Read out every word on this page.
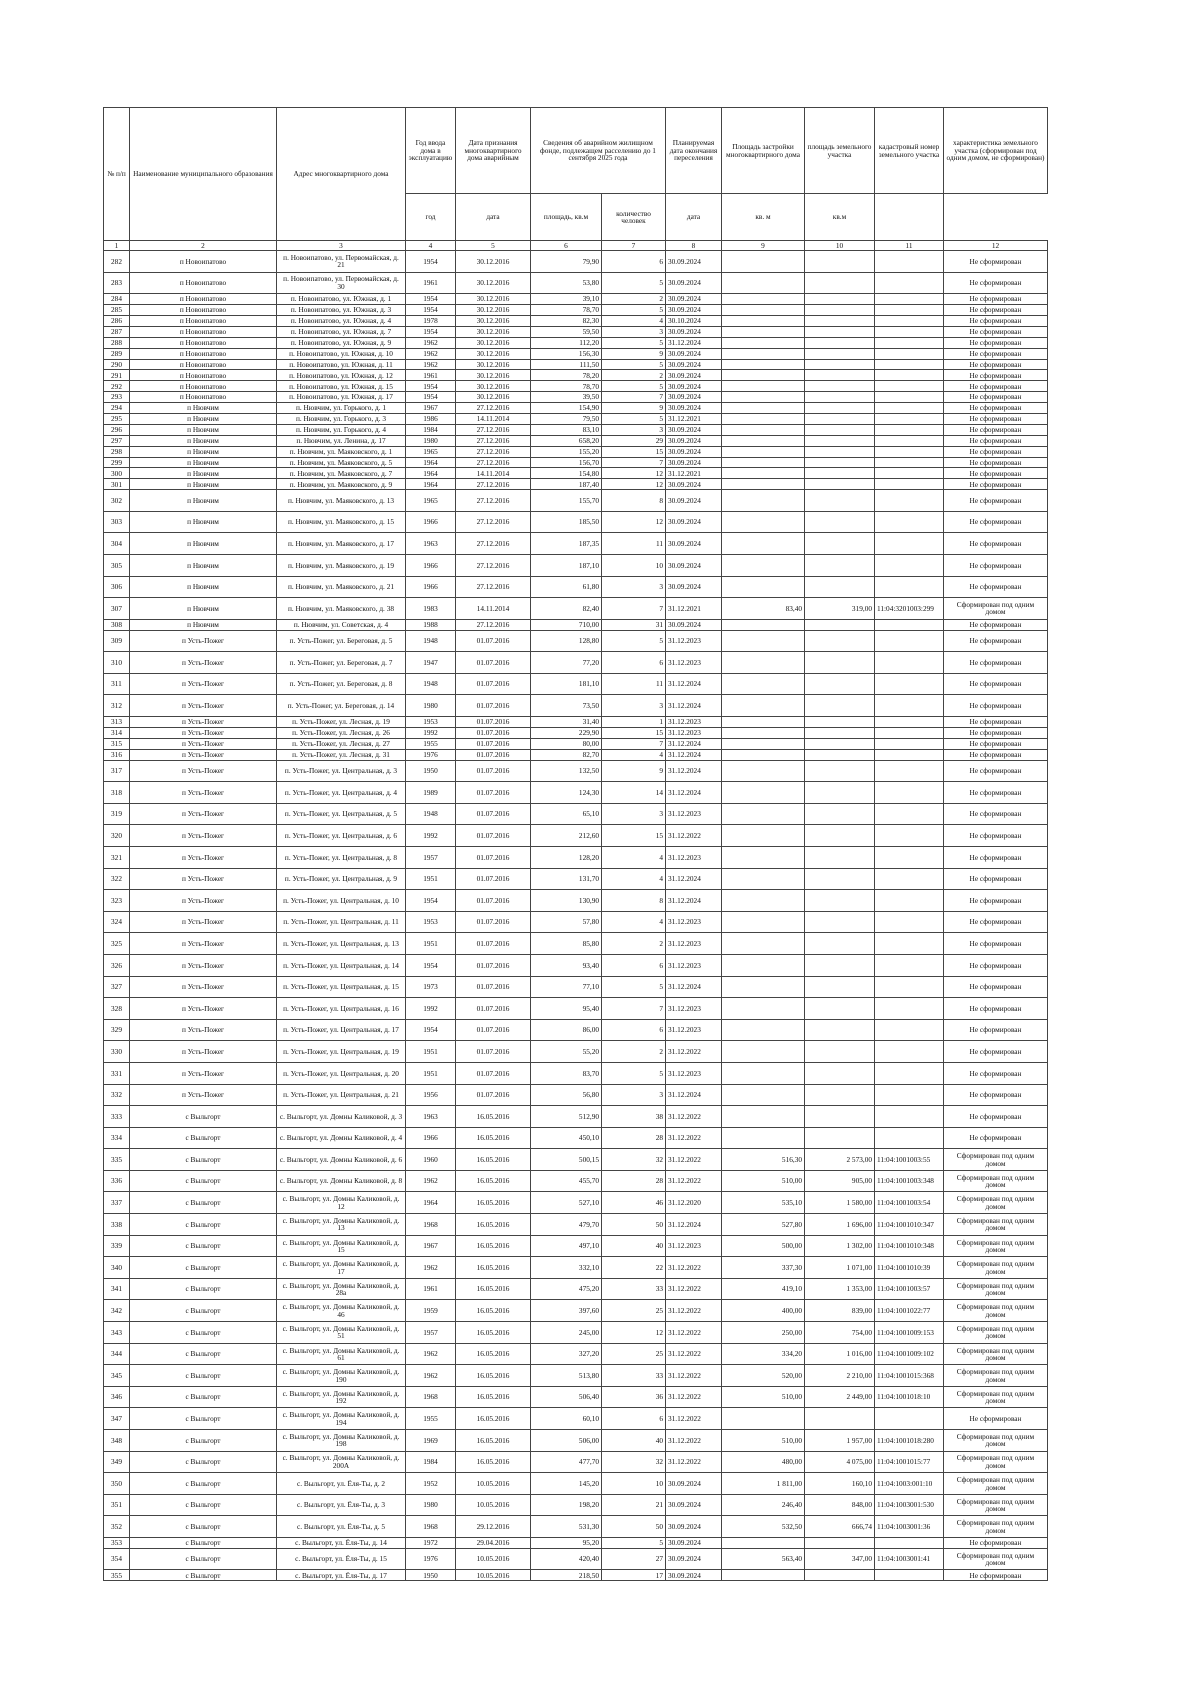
№ п/п	Наименование муниципального образования	Адрес многоквартирного дома	Год ввода дома в эксплуатацию	Дата признания многоквартирного дома аварийным	Сведения об аварийном жилищном фонде, подлежащем расселению до 1 сентября 2025 года		Планируемая дата окончания переселения	Площадь застройки многоквартирного дома	площадь земельного участка	кадастровый номер земельного участка	характеристика земельного участка (сформирован под одним домом, не сформирован)
			год	дата	площадь, кв.м	количество человек	дата	кв. м	кв.м		
1	2	3	4	5	6	7	8	9	10	11	12
282	п Новоипатово	п. Новоипатово, ул. Первомайская, д. 21	1954	30.12.2016	79,90	6	30.09.2024				Не сформирован
283	п Новоипатово	п. Новоипатово, ул. Первомайская, д. 30	1961	30.12.2016	53,80	5	30.09.2024				Не сформирован
284	п Новоипатово	п. Новоипатово, ул. Южная, д. 1	1954	30.12.2016	39,10	2	30.09.2024				Не сформирован
285	п Новоипатово	п. Новоипатово, ул. Южная, д. 3	1954	30.12.2016	78,70	5	30.09.2024				Не сформирован
286	п Новоипатово	п. Новоипатово, ул. Южная, д. 4	1978	30.12.2016	82,30	4	30.10.2024				Не сформирован
287	п Новоипатово	п. Новоипатово, ул. Южная, д. 7	1954	30.12.2016	59,50	3	30.09.2024				Не сформирован
288	п Новоипатово	п. Новоипатово, ул. Южная, д. 9	1962	30.12.2016	112,20	5	31.12.2024				Не сформирован
289	п Новоипатово	п. Новоипатово, ул. Южная, д. 10	1962	30.12.2016	156,30	9	30.09.2024				Не сформирован
290	п Новоипатово	п. Новоипатово, ул. Южная, д. 11	1962	30.12.2016	111,50	5	30.09.2024				Не сформирован
291	п Новоипатово	п. Новоипатово, ул. Южная, д. 12	1961	30.12.2016	78,20	2	30.09.2024				Не сформирован
292	п Новоипатово	п. Новоипатово, ул. Южная, д. 15	1954	30.12.2016	78,70	5	30.09.2024				Не сформирован
293	п Новоипатово	п. Новоипатово, ул. Южная, д. 17	1954	30.12.2016	39,50	7	30.09.2024				Не сформирован
294	п Нювчим	п. Нювчим, ул. Горького, д. 1	1967	27.12.2016	154,90	9	30.09.2024				Не сформирован
295	п Нювчим	п. Нювчим, ул. Горького, д. 3	1986	14.11.2014	79,50	5	31.12.2021				Не сформирован
296	п Нювчим	п. Нювчим, ул. Горького, д. 4	1984	27.12.2016	83,10	3	30.09.2024				Не сформирован
297	п Нювчим	п. Нювчим, ул. Ленина, д. 17	1980	27.12.2016	658,20	29	30.09.2024				Не сформирован
298	п Нювчим	п. Нювчим, ул. Маяковского, д. 1	1965	27.12.2016	155,20	15	30.09.2024				Не сформирован
299	п Нювчим	п. Нювчим, ул. Маяковского, д. 5	1964	27.12.2016	156,70	7	30.09.2024				Не сформирован
300	п Нювчим	п. Нювчим, ул. Маяковского, д. 7	1964	14.11.2014	154,80	12	31.12.2021				Не сформирован
301	п Нювчим	п. Нювчим, ул. Маяковского, д. 9	1964	27.12.2016	187,40	12	30.09.2024				Не сформирован
302	п Нювчим	п. Нювчим, ул. Маяковского, д. 13	1965	27.12.2016	155,70	8	30.09.2024				Не сформирован
303	п Нювчим	п. Нювчим, ул. Маяковского, д. 15	1966	27.12.2016	185,50	12	30.09.2024				Не сформирован
304	п Нювчим	п. Нювчим, ул. Маяковского, д. 17	1963	27.12.2016	187,35	11	30.09.2024				Не сформирован
305	п Нювчим	п. Нювчим, ул. Маяковского, д. 19	1966	27.12.2016	187,10	10	30.09.2024				Не сформирован
306	п Нювчим	п. Нювчим, ул. Маяковского, д. 21	1966	27.12.2016	61,80	3	30.09.2024				Не сформирован
307	п Нювчим	п. Нювчим, ул. Маяковского, д. 38	1983	14.11.2014	82,40	7	31.12.2021	83,40	319,00	11:04:3201003:299	Сформирован под одним домом
308	п Нювчим	п. Нювчим, ул. Советская, д. 4	1988	27.12.2016	710,00	31	30.09.2024				Не сформирован
309	п Усть-Пожег	п. Усть-Пожег, ул. Береговая, д. 5	1948	01.07.2016	128,80	5	31.12.2023				Не сформирован
310	п Усть-Пожег	п. Усть-Пожег, ул. Береговая, д. 7	1947	01.07.2016	77,20	6	31.12.2023				Не сформирован
311	п Усть-Пожег	п. Усть-Пожег, ул. Береговая, д. 8	1948	01.07.2016	181,10	11	31.12.2024				Не сформирован
312	п Усть-Пожег	п. Усть-Пожег, ул. Береговая, д. 14	1980	01.07.2016	73,50	3	31.12.2024				Не сформирован
313	п Усть-Пожег	п. Усть-Пожег, ул. Лесная, д. 19	1953	01.07.2016	31,40	1	31.12.2023				Не сформирован
314	п Усть-Пожег	п. Усть-Пожег, ул. Лесная, д. 26	1992	01.07.2016	229,90	15	31.12.2023				Не сформирован
315	п Усть-Пожег	п. Усть-Пожег, ул. Лесная, д. 27	1955	01.07.2016	80,00	7	31.12.2024				Не сформирован
316	п Усть-Пожег	п. Усть-Пожег, ул. Лесная, д. 31	1976	01.07.2016	82,70	4	31.12.2024				Не сформирован
317	п Усть-Пожег	п. Усть-Пожег, ул. Центральная, д. 3	1950	01.07.2016	132,50	9	31.12.2024				Не сформирован
318	п Усть-Пожег	п. Усть-Пожег, ул. Центральная, д. 4	1989	01.07.2016	124,30	14	31.12.2024				Не сформирован
319	п Усть-Пожег	п. Усть-Пожег, ул. Центральная, д. 5	1948	01.07.2016	65,10	3	31.12.2023				Не сформирован
320	п Усть-Пожег	п. Усть-Пожег, ул. Центральная, д. 6	1992	01.07.2016	212,60	15	31.12.2022				Не сформирован
321	п Усть-Пожег	п. Усть-Пожег, ул. Центральная, д. 8	1957	01.07.2016	128,20	4	31.12.2023				Не сформирован
322	п Усть-Пожег	п. Усть-Пожег, ул. Центральная, д. 9	1951	01.07.2016	131,70	4	31.12.2024				Не сформирован
323	п Усть-Пожег	п. Усть-Пожег, ул. Центральная, д. 10	1954	01.07.2016	130,90	8	31.12.2024				Не сформирован
324	п Усть-Пожег	п. Усть-Пожег, ул. Центральная, д. 11	1953	01.07.2016	57,80	4	31.12.2023				Не сформирован
325	п Усть-Пожег	п. Усть-Пожег, ул. Центральная, д. 13	1951	01.07.2016	85,80	2	31.12.2023				Не сформирован
326	п Усть-Пожег	п. Усть-Пожег, ул. Центральная, д. 14	1954	01.07.2016	93,40	6	31.12.2023				Не сформирован
327	п Усть-Пожег	п. Усть-Пожег, ул. Центральная, д. 15	1973	01.07.2016	77,10	5	31.12.2024				Не сформирован
328	п Усть-Пожег	п. Усть-Пожег, ул. Центральная, д. 16	1992	01.07.2016	95,40	7	31.12.2023				Не сформирован
329	п Усть-Пожег	п. Усть-Пожег, ул. Центральная, д. 17	1954	01.07.2016	86,00	6	31.12.2023				Не сформирован
330	п Усть-Пожег	п. Усть-Пожег, ул. Центральная, д. 19	1951	01.07.2016	55,20	2	31.12.2022				Не сформирован
331	п Усть-Пожег	п. Усть-Пожег, ул. Центральная, д. 20	1951	01.07.2016	83,70	5	31.12.2023				Не сформирован
332	п Усть-Пожег	п. Усть-Пожег, ул. Центральная, д. 21	1956	01.07.2016	56,80	3	31.12.2024				Не сформирован
333	с Выльгорт	с. Выльгорт, ул. Домны Каликовой, д. 3	1963	16.05.2016	512,90	38	31.12.2022				Не сформирован
334	с Выльгорт	с. Выльгорт, ул. Домны Каликовой, д. 4	1966	16.05.2016	450,10	28	31.12.2022				Не сформирован
335	с Выльгорт	с. Выльгорт, ул. Домны Каликовой, д. 6	1960	16.05.2016	500,15	32	31.12.2022	516,30	2 573,00	11:04:1001003:55	Сформирован под одним домом
336	с Выльгорт	с. Выльгорт, ул. Домны Каликовой, д. 8	1962	16.05.2016	455,70	28	31.12.2022	510,00	905,00	11:04:1001003:348	Сформирован под одним домом
337	с Выльгорт	с. Выльгорт, ул. Домны Каликовой, д. 12	1964	16.05.2016	527,10	46	31.12.2020	535,10	1 580,00	11:04:1001003:54	Сформирован под одним домом
338	с Выльгорт	с. Выльгорт, ул. Домны Каликовой, д. 13	1968	16.05.2016	479,70	50	31.12.2024	527,80	1 696,00	11:04:1001010:347	Сформирован под одним домом
339	с Выльгорт	с. Выльгорт, ул. Домны Каликовой, д. 15	1967	16.05.2016	497,10	40	31.12.2023	500,00	1 302,00	11:04:1001010:348	Сформирован под одним домом
340	с Выльгорт	с. Выльгорт, ул. Домны Каликовой, д. 17	1962	16.05.2016	332,10	22	31.12.2022	337,30	1 071,00	11:04:1001010:39	Сформирован под одним домом
341	с Выльгорт	с. Выльгорт, ул. Домны Каликовой, д. 28а	1961	16.05.2016	475,20	33	31.12.2022	419,10	1 353,00	11:04:1001003:57	Сформирован под одним домом
342	с Выльгорт	с. Выльгорт, ул. Домны Каликовой, д. 46	1959	16.05.2016	397,60	25	31.12.2022	400,00	839,00	11:04:1001022:77	Сформирован под одним домом
343	с Выльгорт	с. Выльгорт, ул. Домны Каликовой, д. 51	1957	16.05.2016	245,00	12	31.12.2022	250,00	754,00	11:04:1001009:153	Сформирован под одним домом
344	с Выльгорт	с. Выльгорт, ул. Домны Каликовой, д. 61	1962	16.05.2016	327,20	25	31.12.2022	334,20	1 016,00	11:04:1001009:102	Сформирован под одним домом
345	с Выльгорт	с. Выльгорт, ул. Домны Каликовой, д. 190	1962	16.05.2016	513,80	33	31.12.2022	520,00	2 210,00	11:04:1001015:368	Сформирован под одним домом
346	с Выльгорт	с. Выльгорт, ул. Домны Каликовой, д. 192	1968	16.05.2016	506,40	36	31.12.2022	510,00	2 449,00	11:04:1001018:10	Сформирован под одним домом
347	с Выльгорт	с. Выльгорт, ул. Домны Каликовой, д. 194	1955	16.05.2016	60,10	6	31.12.2022				Не сформирован
348	с Выльгорт	с. Выльгорт, ул. Домны Каликовой, д. 198	1969	16.05.2016	506,00	40	31.12.2022	510,00	1 957,00	11:04:1001018:280	Сформирован под одним домом
349	с Выльгорт	с. Выльгорт, ул. Домны Каликовой, д. 200А	1984	16.05.2016	477,70	32	31.12.2022	480,00	4 075,00	11:04:1001015:77	Сформирован под одним домом
350	с Выльгорт	с. Выльгорт, ул. Ёля-Ты, д. 2	1952	10.05.2016	145,20	10	30.09.2024	1 811,00	160,10	11:04:1003:001:10	Сформирован под одним домом
351	с Выльгорт	с. Выльгорт, ул. Ёля-Ты, д. 3	1980	10.05.2016	198,20	21	30.09.2024	246,40	848,00	11:04:1003001:530	Сформирован под одним домом
352	с Выльгорт	с. Выльгорт, ул. Ёля-Ты, д. 5	1968	29.12.2016	531,30	50	30.09.2024	532,50	666,74	11:04:1003001:36	Сформирован под одним домом
353	с Выльгорт	с. Выльгорт, ул. Ёля-Ты, д. 14	1972	29.04.2016	95,20	5	30.09.2024				Не сформирован
354	с Выльгорт	с. Выльгорт, ул. Ёля-Ты, д. 15	1976	10.05.2016	420,40	27	30.09.2024	563,40	347,00	11:04:1003001:41	Сформирован под одним домом
355	с Выльгорт	с. Выльгорт, ул. Ёля-Ты, д. 17	1950	10.05.2016	218,50	17	30.09.2024				Не сформирован
